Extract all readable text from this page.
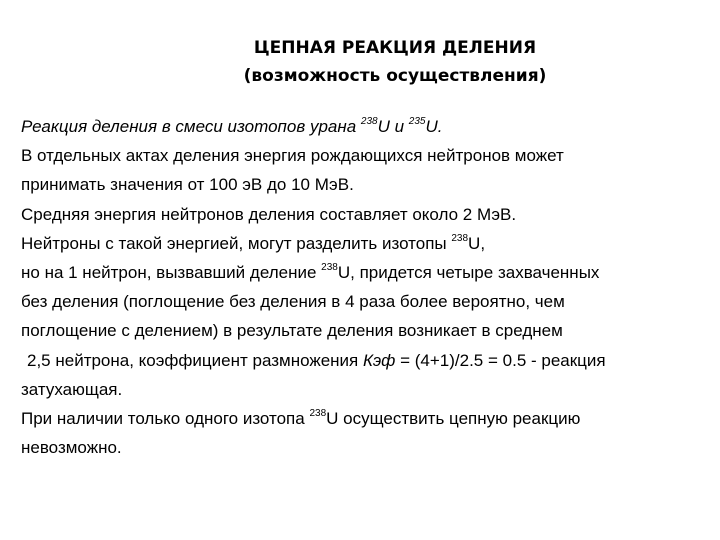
ЦЕПНАЯ РЕАКЦИЯ ДЕЛЕНИЯ
(возможность осуществления)
Реакция деления в смеси изотопов урана $^{238}$U и $^{235}$U.
В отдельных актах деления энергия рождающихся нейтронов может
принимать значения от 100 эВ до 10 МэВ.
Средняя энергия нейтронов деления составляет около 2 МэВ.
Нейтроны с такой энергией, могут разделить изотопы $^{238}$U,
но на 1 нейтрон, вызвавший деление $^{238}$U, придется четыре захваченных
без деления (поглощение без деления в 4 раза более вероятно, чем
поглощение с делением) в результате деления возникает в среднем
2,5 нейтрона, коэффициент размножения Кэф = (4+1)/2.5 = 0.5 - реакция
затухающая.
При наличии только одного изотопа $^{238}$U осуществить цепную реакцию
невозможно.
